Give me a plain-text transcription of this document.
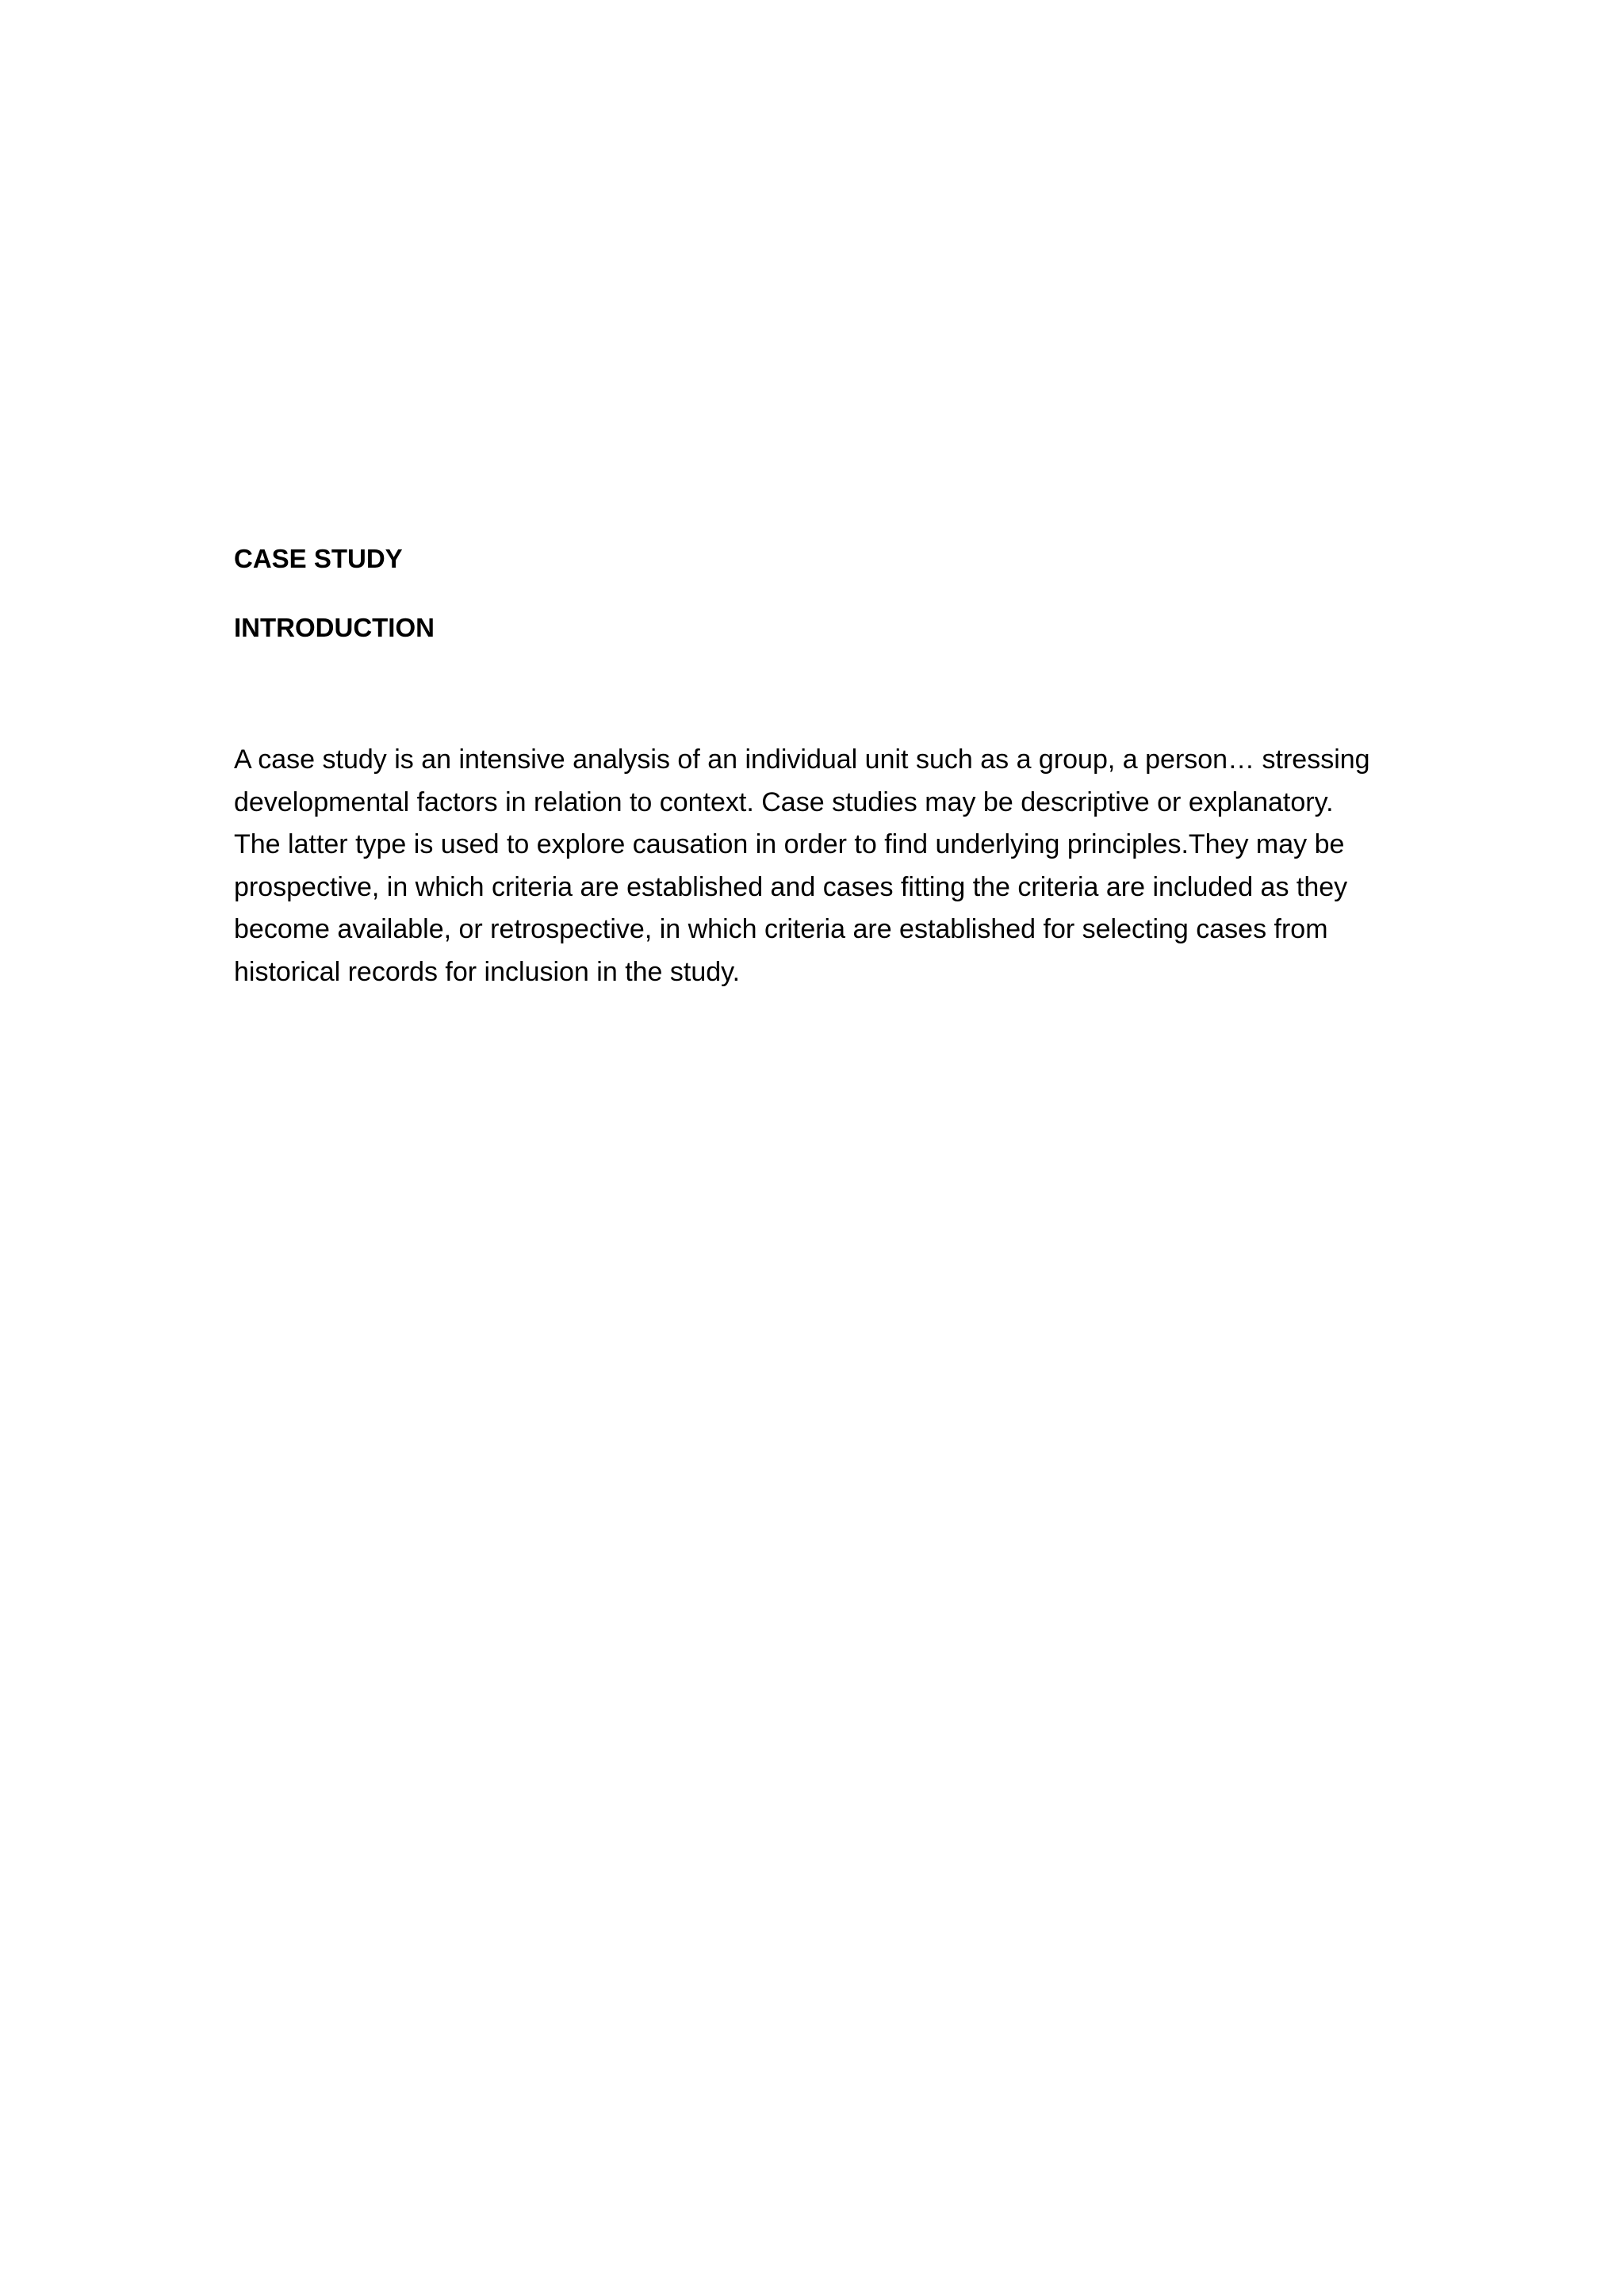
CASE STUDY
INTRODUCTION

A case study is an intensive analysis of an individual unit such as a group, a person… stressing
developmental factors in relation to context. Case studies may be descriptive or explanatory.
The latter type is used to explore causation in order to find underlying principles.They may be
prospective, in which criteria are established and cases fitting the criteria are included as they
become available, or retrospective, in which criteria are established for selecting cases from
historical records for inclusion in the study.
